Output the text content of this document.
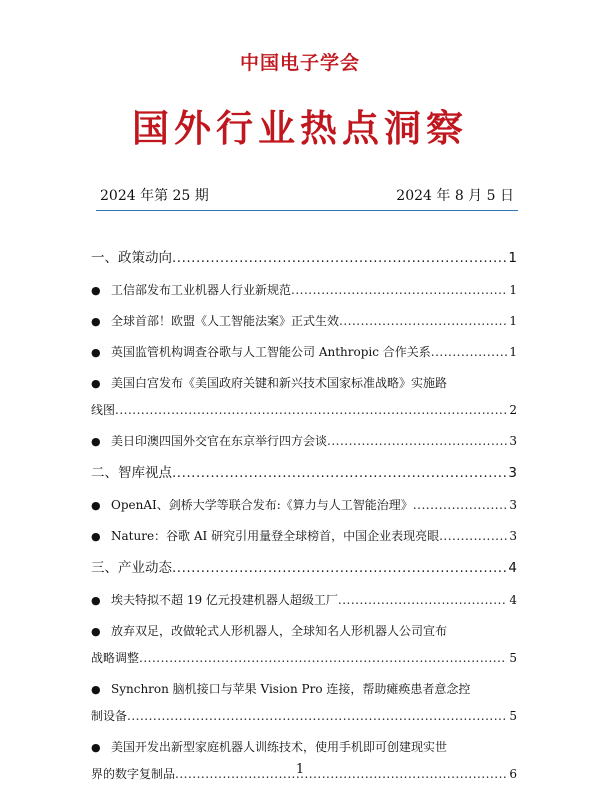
中国电子学会
国外行业热点洞察
2024 年第 25 期	2024 年 8 月 5 日
一、政策动向 .....	1
● 工信部发布工业机器人行业新规范 .....	1
● 全球首部！欧盟《人工智能法案》正式生效 .....	1
● 英国监管机构调查谷歌与人工智能公司 Anthropic 合作关系 .....	1
● 美国白宫发布《美国政府关键和新兴技术国家标准战略》实施路
线图 .....	2
● 美日印澳四国外交官在东京举行四方会谈 .....	3
二、智库视点 .....	3
● OpenAI、剑桥大学等联合发布:《算力与人工智能治理》 .....	3
● Nature：谷歌 AI 研究引用量登全球榜首，中国企业表现亮眼 .....	3
三、产业动态 .....	4
● 埃夫特拟不超 19 亿元投建机器人超级工厂 .....	4
● 放弃双足，改做轮式人形机器人，全球知名人形机器人公司宣布
战略调整 .....	5
● Synchron 脑机接口与苹果 Vision Pro 连接，帮助瘫痪患者意念控
制设备 .....	5
● 美国开发出新型家庭机器人训练技术，使用手机即可创建现实世
界的数字复制品 .....	6
1
